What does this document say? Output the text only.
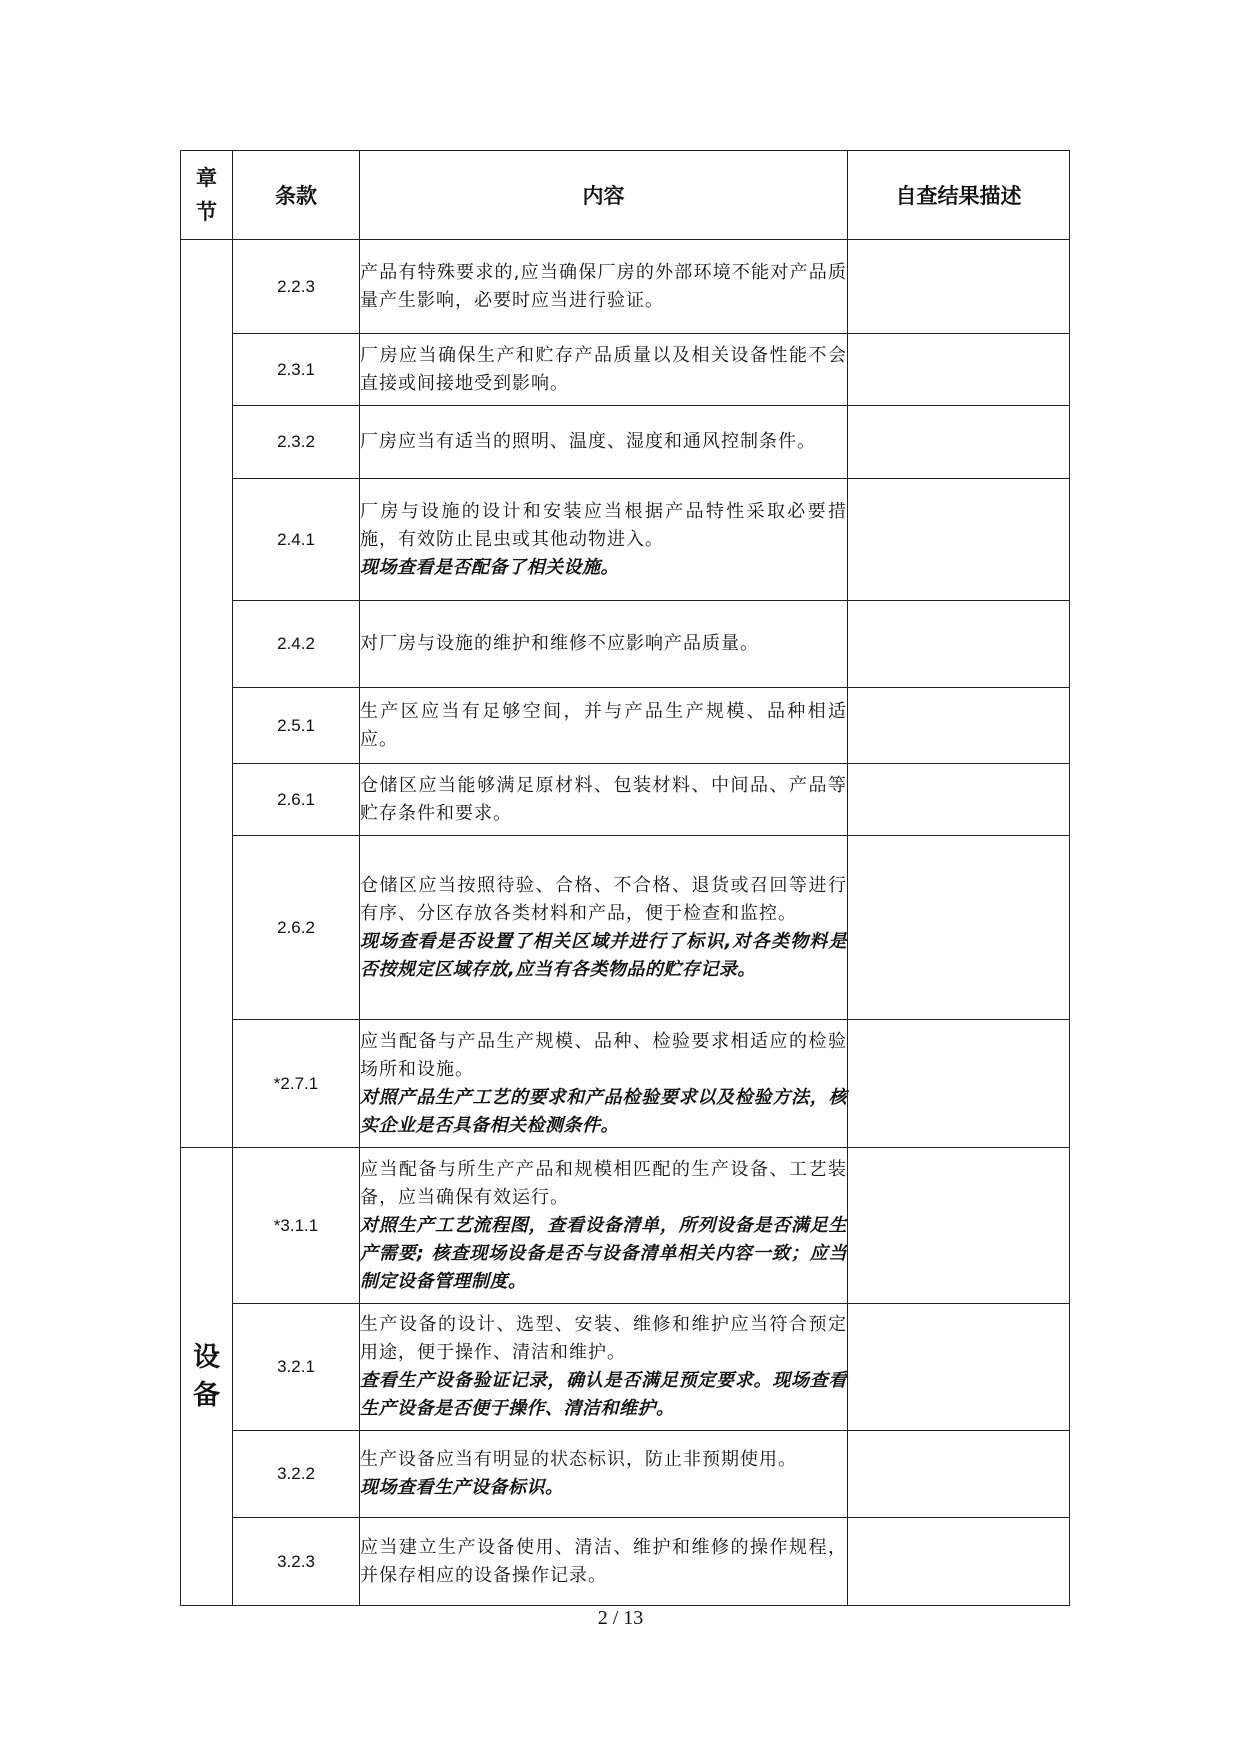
章节	条款	内容	自查结果描述
	2.2.3	产品有特殊要求的,应当确保厂房的外部环境不能对产品质量产生影响，必要时应当进行验证。	

	2.3.1	厂房应当确保生产和贮存产品质量以及相关设备性能不会直接或间接地受到影响。	

	2.3.2	厂房应当有适当的照明、温度、湿度和通风控制条件。	

	2.4.1	厂房与设施的设计和安装应当根据产品特性采取必要措施，有效防止昆虫或其他动物进入。
现场查看是否配备了相关设施。	

	2.4.2	对厂房与设施的维护和维修不应影响产品质量。	

	2.5.1	生产区应当有足够空间，并与产品生产规模、品种相适应。	

	2.6.1	仓储区应当能够满足原材料、包装材料、中间品、产品等贮存条件和要求。	

	2.6.2	仓储区应当按照待验、合格、不合格、退货或召回等进行有序、分区存放各类材料和产品，便于检查和监控。
现场查看是否设置了相关区域并进行了标识,对各类物料是否按规定区域存放,应当有各类物品的贮存记录。	

	*2.7.1	应当配备与产品生产规模、品种、检验要求相适应的检验场所和设施。
对照产品生产工艺的要求和产品检验要求以及检验方法，核实企业是否具备相关检测条件。	

设备	*3.1.1	应当配备与所生产产品和规模相匹配的生产设备、工艺装备，应当确保有效运行。
对照生产工艺流程图，查看设备清单，所列设备是否满足生产需要; 核查现场设备是否与设备清单相关内容一致；应当制定设备管理制度。	

	3.2.1	生产设备的设计、选型、安装、维修和维护应当符合预定用途，便于操作、清洁和维护。
查看生产设备验证记录，确认是否满足预定要求。现场查看生产设备是否便于操作、清洁和维护。	

	3.2.2	生产设备应当有明显的状态标识，防止非预期使用。
现场查看生产设备标识。	

	3.2.3	应当建立生产设备使用、清洁、维护和维修的操作规程，并保存相应的设备操作记录。	

2 / 13
